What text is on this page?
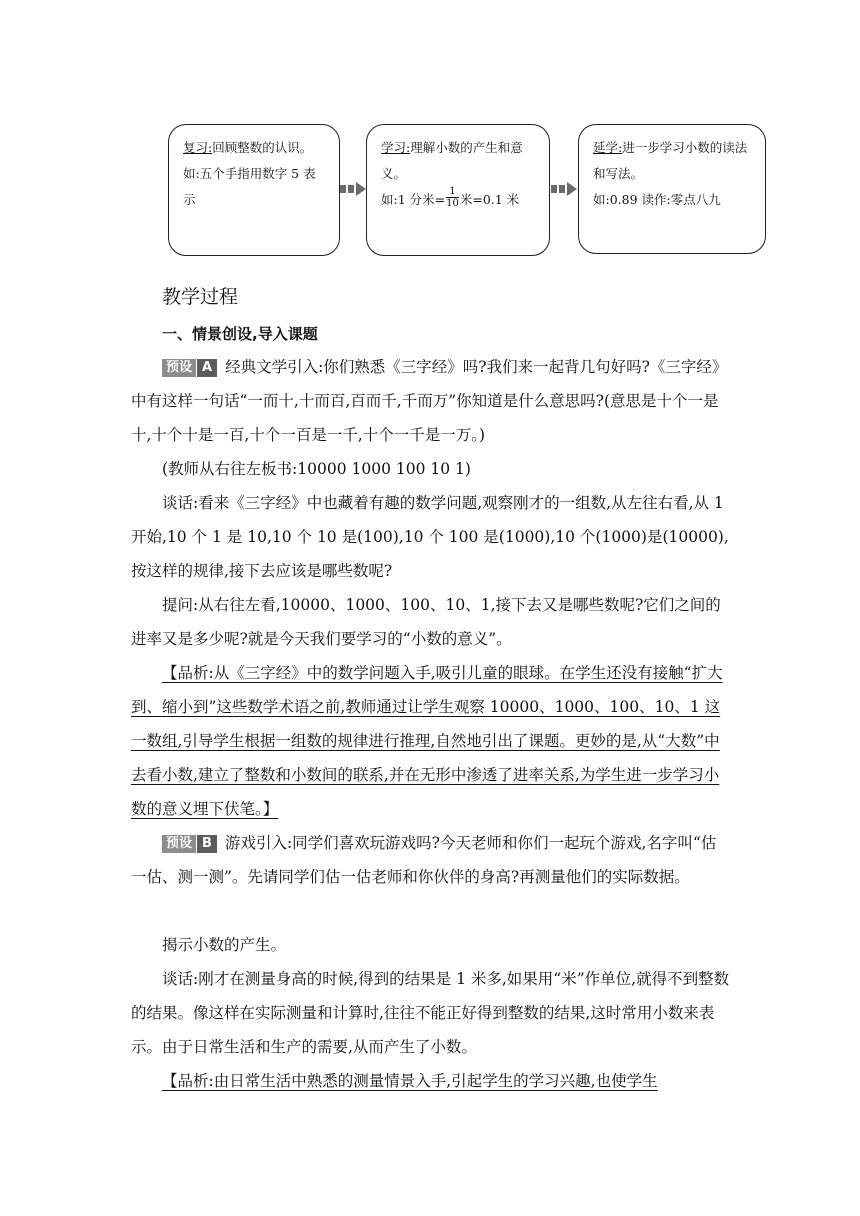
复习:回顾整数的认识。
如:五个手指用数字 5 表示
学习:理解小数的产生和意义。
如:1 分米= $\frac{1}{10}$ 米=0.1 米
延学:进一步学习小数的读法和写法。
如:0.89 读作:零点八九
教学过程
一、情景创设,导入课题

预设 A 经典文学引入:你们熟悉《三字经》吗?我们来一起背几句好吗?《三字经》中有这样一句话“一而十,十而百,百而千,千而万”你知道是什么意思吗?(意思是十个一是十,十个十是一百,十个一百是一千,十个一千是一万。)

(教师从右往左板书:10000 1000 100 10 1)

谈话:看来《三字经》中也藏着有趣的数学问题,观察刚才的一组数,从左往右看,从 1 开始,10 个 1 是 10,10 个 10 是(100),10 个 100 是(1000),10 个(1000)是(10000),按这样的规律,接下去应该是哪些数呢?

提问:从右往左看,10000、1000、100、10、1,接下去又是哪些数呢?它们之间的进率又是多少呢?就是今天我们要学习的“小数的意义”。

【品析:从《三字经》中的数学问题入手,吸引儿童的眼球。在学生还没有接触“扩大到、缩小到”这些数学术语之前,教师通过让学生观察 10000、1000、100、10、1 这一数组,引导学生根据一组数的规律进行推理,自然地引出了课题。更妙的是,从“大数”中去看小数,建立了整数和小数间的联系,并在无形中渗透了进率关系,为学生进一步学习小数的意义埋下伏笔。】

预设 B 游戏引入:同学们喜欢玩游戏吗?今天老师和你们一起玩个游戏,名字叫“估一估、测一测”。先请同学们估一估老师和你伙伴的身高?再测量他们的实际数据。

揭示小数的产生。

谈话:刚才在测量身高的时候,得到的结果是 1 米多,如果用“米”作单位,就得不到整数的结果。像这样在实际测量和计算时,往往不能正好得到整数的结果,这时常用小数来表示。由于日常生活和生产的需要,从而产生了小数。

【品析:由日常生活中熟悉的测量情景入手,引起学生的学习兴趣,也使学生
